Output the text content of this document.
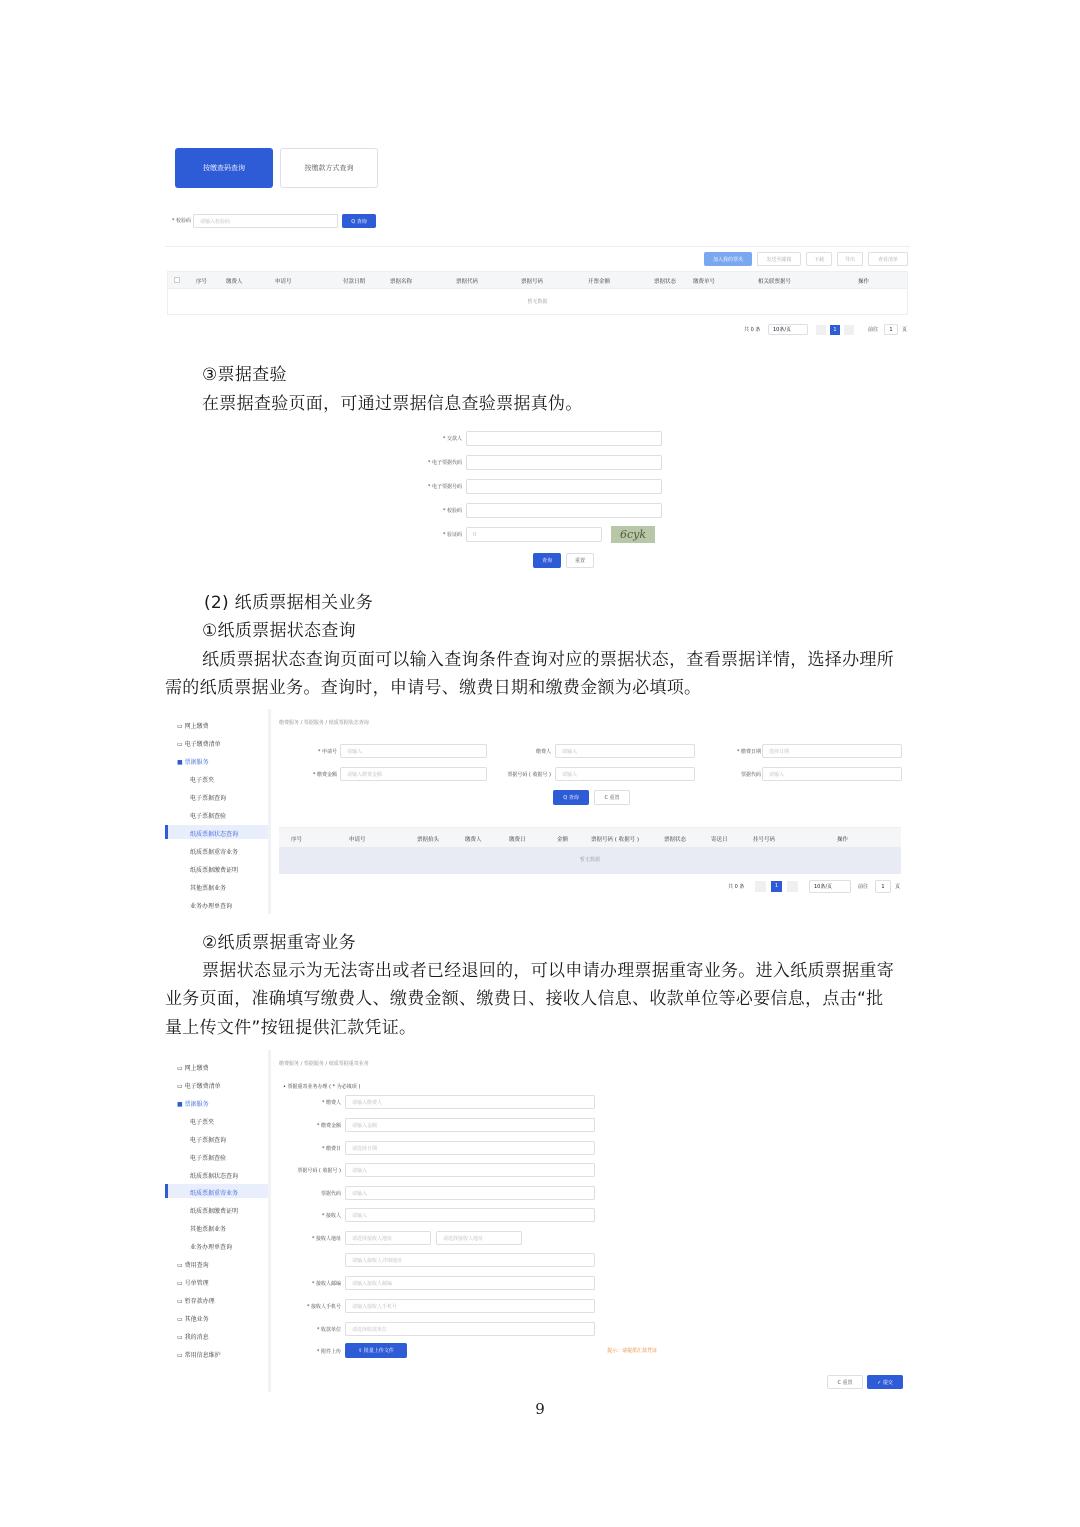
按缴查码查询	按缴款方式查询
* 校验码	请输入校验码	Q 查询
加入我的票夹	发送至邮箱	下载	导出	查看清单
序号	缴费人	申请号	付款日期	票据名称	票据代码	票据号码	开票金额	票据状态	缴费单号	相关联票据号	操作
暂无数据
共 0 条	10条/页	1	前往	1	页
③票据查验
在票据查验页面，可通过票据信息查验票据真伪。
* 交款人
* 电子票据代码
* 电子票据号码
* 校验码
* 验证码	0	6cyk
查询	重置
(2) 纸质票据相关业务
①纸质票据状态查询
纸质票据状态查询页面可以输入查询条件查询对应的票据状态，查看票据详情，选择办理所
需的纸质票据业务。查询时，申请号、缴费日期和缴费金额为必填项。
▭ 网上缴费
▭ 电子缴费清单
■ 票据服务
电子票夹
电子票据查询
电子票据查验
纸质票据状态查询
纸质票据重寄业务
纸质票据缴费证明
其他票据业务
业务办理单查询
缴费服务 / 票据服务 / 纸质票据状态查询
* 申请号	请输入	缴费人	请输入	* 缴费日期	选择日期
* 缴费金额	请输入缴费金额	票据号码 ( 收据号 )	请输入	票据代码	请输入
Q 查询	C 重置
序号	申请号	票据抬头	缴费人	缴费日	金额	票据号码 ( 收据号 )	票据状态	寄送日	挂号号码	操作
暂无数据
共 0 条	1	10条/页	前往	1	页
②纸质票据重寄业务
票据状态显示为无法寄出或者已经退回的，可以申请办理票据重寄业务。进入纸质票据重寄
业务页面，准确填写缴费人、缴费金额、缴费日、接收人信息、收款单位等必要信息，点击“批
量上传文件”按钮提供汇款凭证。
▭ 网上缴费
▭ 电子缴费清单
■ 票据服务
电子票夹
电子票据查询
电子票据查验
纸质票据状态查询
纸质票据重寄业务
纸质票据缴费证明
其他票据业务
业务办理单查询
▭ 费用查询
▭ 号单管理
▭ 暂存款办理
▭ 其他业务
▭ 我的消息
▭ 常用信息维护
缴费服务 / 票据服务 / 纸质票据重寄业务
• 票据重寄业务办理 ( * 为必填项 )
* 缴费人	请输入缴费人
* 缴费金额	请输入金额
* 缴费日	请选择日期
票据号码 ( 收据号 )	请输入
票据代码	请输入
* 接收人	请输入
* 接收人地址	请选择接收人地址	请选择接收人地址
请输入接收人详细地址
* 接收人邮编	请输入接收人邮编
* 接收人手机号	请输入接收人手机号
* 收款单位	请选择收款单位
* 附件上传	⇪ 批量上传文件	提示：请提供汇款凭证
C 重置	✓ 提交
9
